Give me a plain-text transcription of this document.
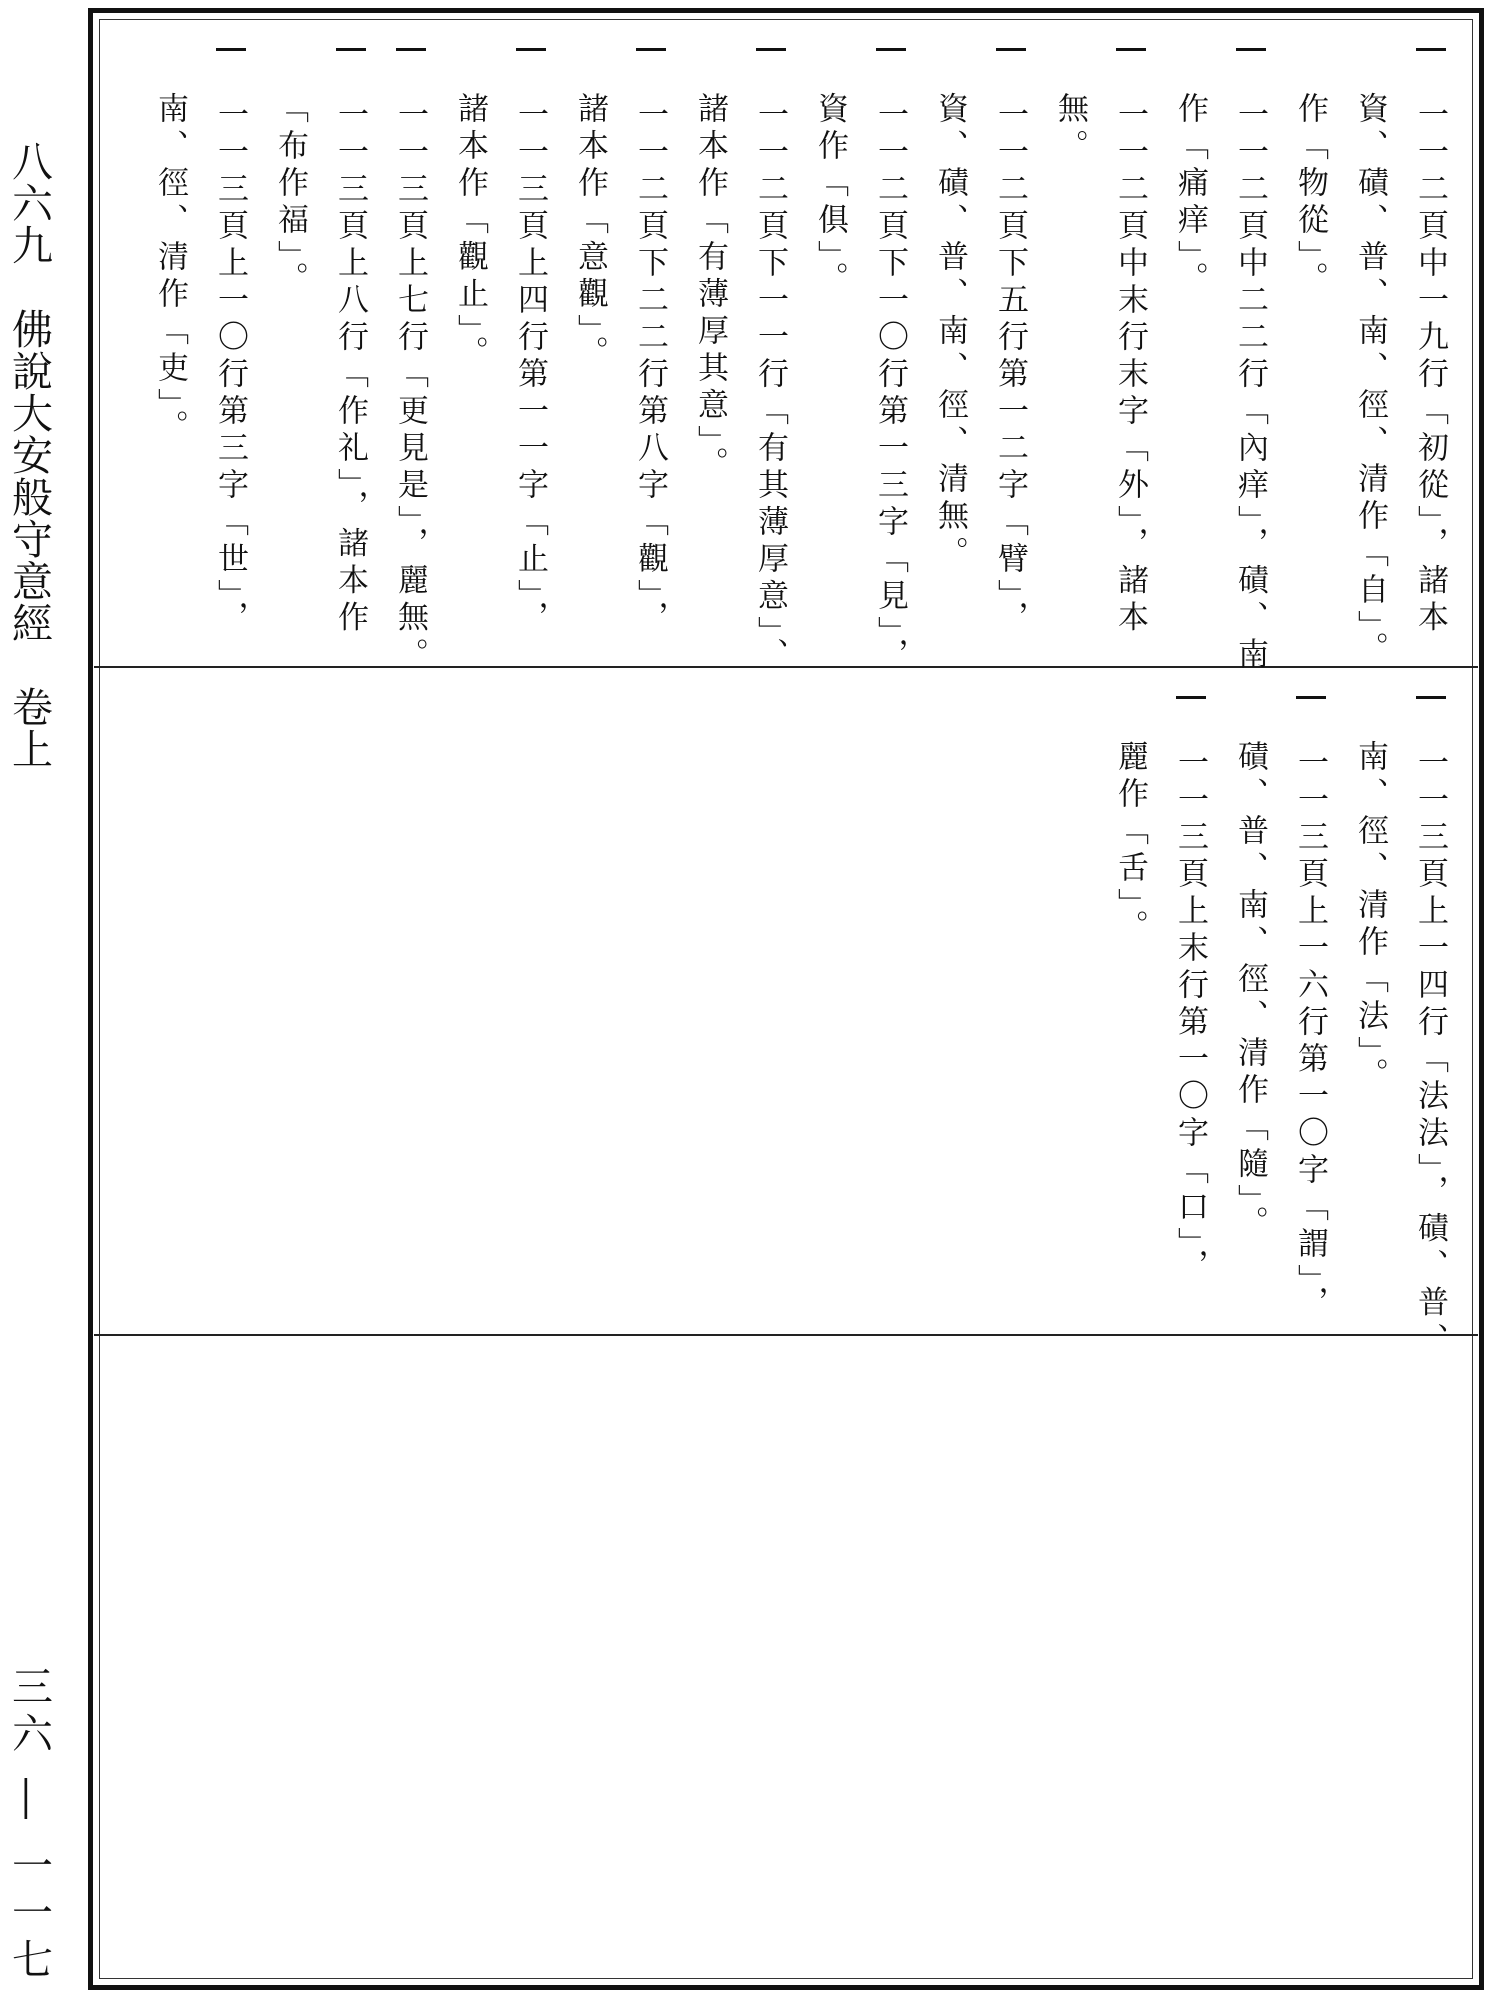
八六九　佛說大安般守意經　卷上
三六 ― 一一七
一一二頁中一九行「初從」，諸本
資、磧、普、南、徑、清作「自」。
作「物從」。
一一二頁中二二行「內痒」，磧、南
作「痛痒」。
一一二頁中末行末字「外」，諸本
無。
一一二頁下五行第一二字「臂」，
資、磧、普、南、徑、清無。
一一二頁下一〇行第一三字「見」，
資作「俱」。
一一二頁下一一行「有其薄厚意」、
諸本作「有薄厚其意」。
一一二頁下二二行第八字「觀」，
諸本作「意觀」。
一一三頁上四行第一一字「止」，
諸本作「觀止」。
一一三頁上七行「更見是」，麗無。
一一三頁上八行「作礼」，諸本作
「布作福」。
一一三頁上一〇行第三字「世」，
南、徑、清作「吏」。
一一三頁上一四行「法法」，磧、普、
南、徑、清作「法」。
一一三頁上一六行第一〇字「謂」，
磧、普、南、徑、清作「隨」。
一一三頁上末行第一〇字「口」，
麗作「舌」。
